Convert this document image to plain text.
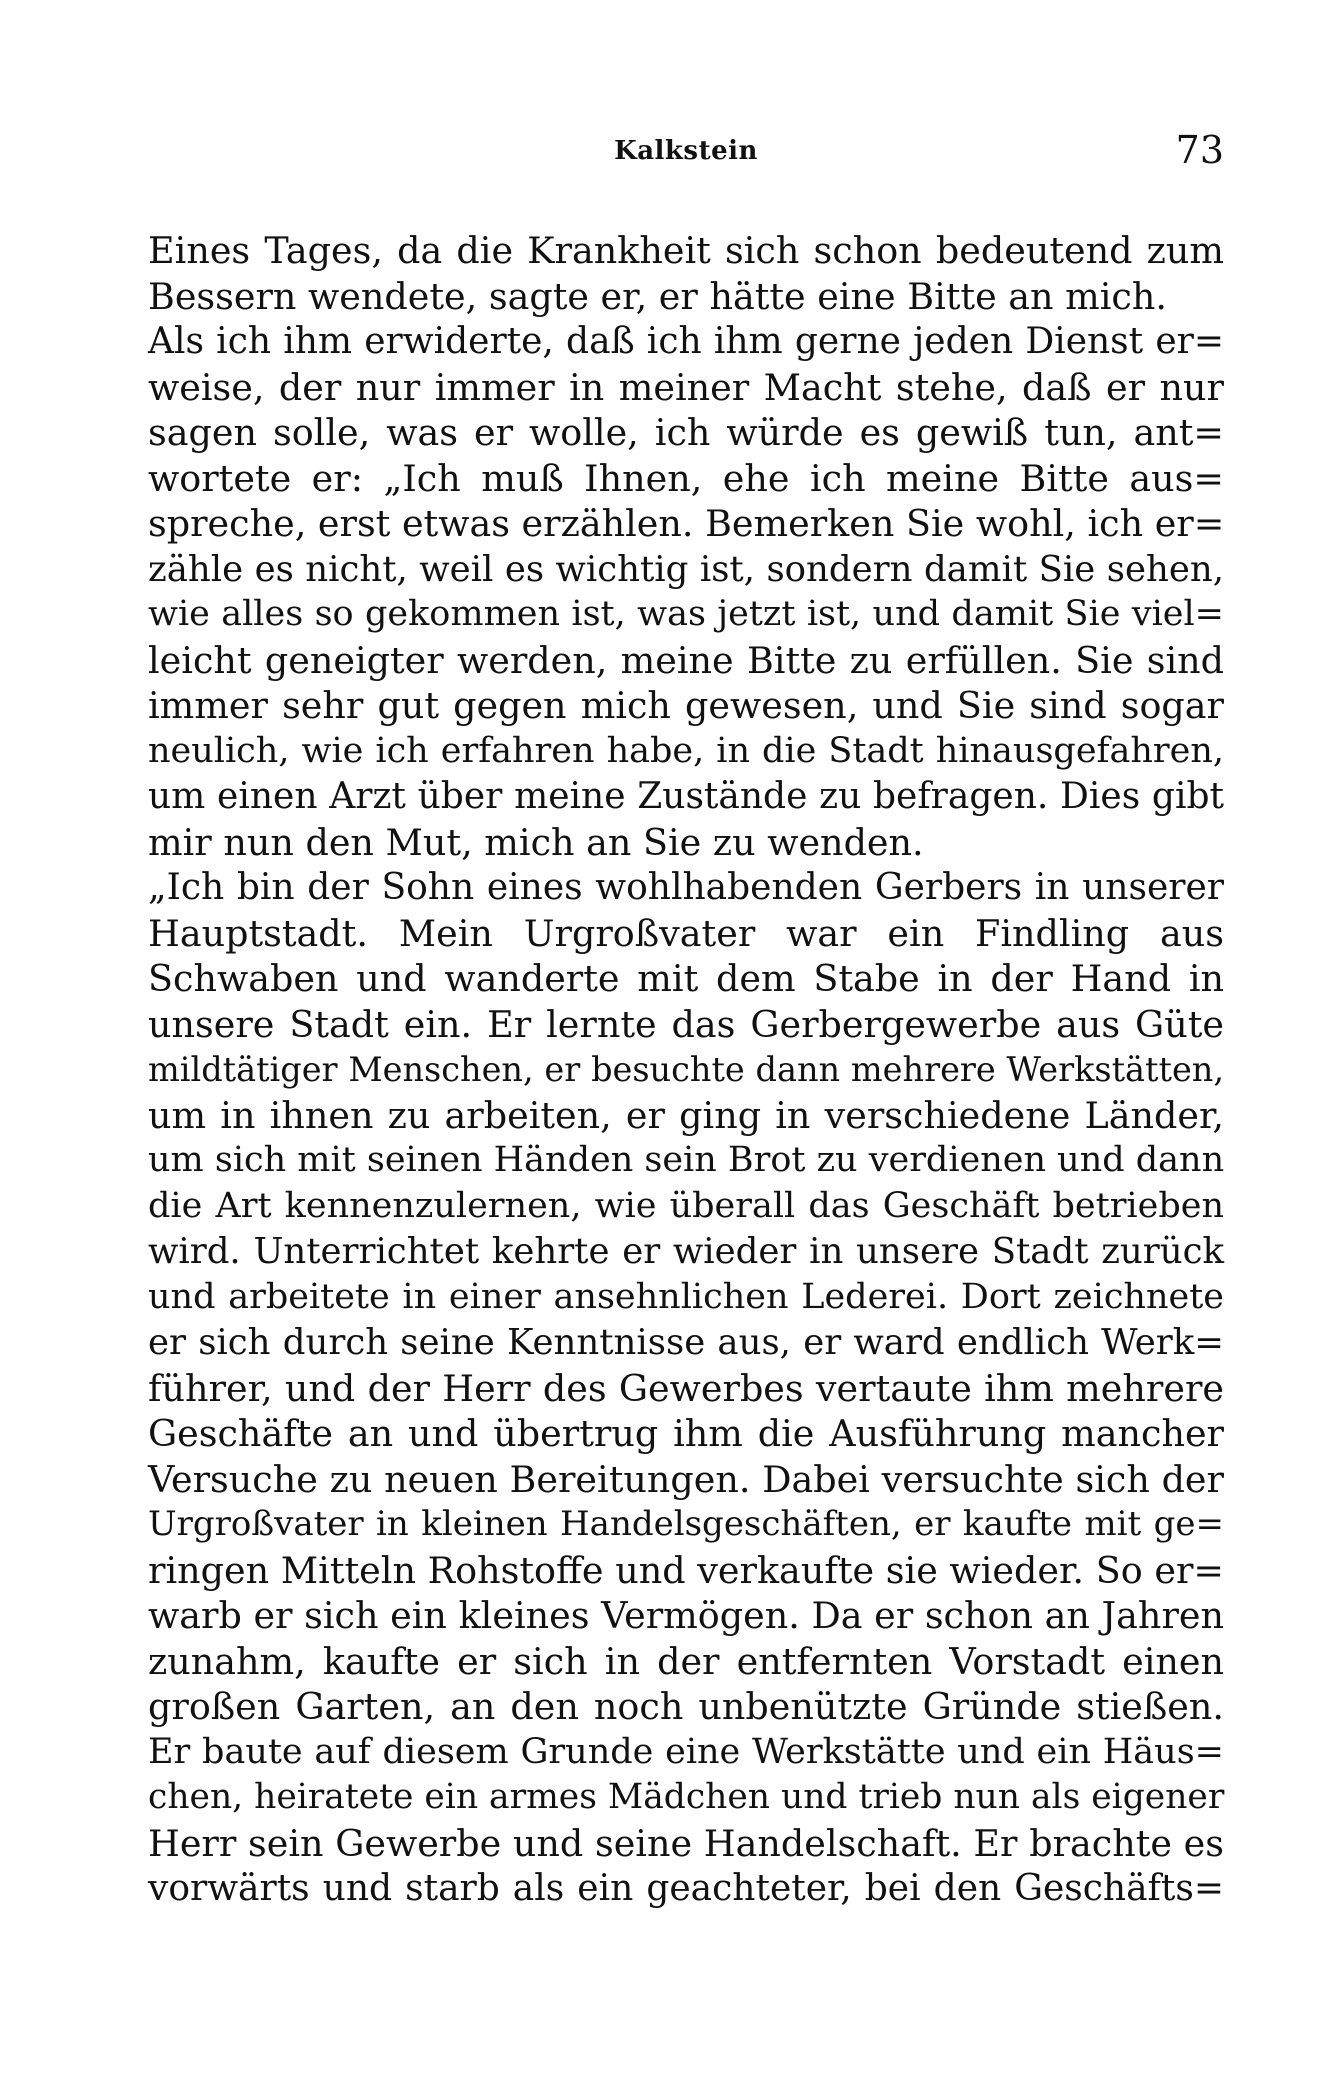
Kalkstein	73
Eines Tages, da die Krankheit sich schon bedeutend zum
Bessern wendete, sagte er, er hätte eine Bitte an mich.
Als ich ihm erwiderte, daß ich ihm gerne jeden Dienst er=
weise, der nur immer in meiner Macht stehe, daß er nur
sagen solle, was er wolle, ich würde es gewiß tun, ant=
wortete er: „Ich muß Ihnen, ehe ich meine Bitte aus=
spreche, erst etwas erzählen. Bemerken Sie wohl, ich er=
zähle es nicht, weil es wichtig ist, sondern damit Sie sehen,
wie alles so gekommen ist, was jetzt ist, und damit Sie viel=
leicht geneigter werden, meine Bitte zu erfüllen. Sie sind
immer sehr gut gegen mich gewesen, und Sie sind sogar
neulich, wie ich erfahren habe, in die Stadt hinausgefahren,
um einen Arzt über meine Zustände zu befragen. Dies gibt
mir nun den Mut, mich an Sie zu wenden.
„Ich bin der Sohn eines wohlhabenden Gerbers in unserer
Hauptstadt. Mein Urgroßvater war ein Findling aus
Schwaben und wanderte mit dem Stabe in der Hand in
unsere Stadt ein. Er lernte das Gerbergewerbe aus Güte
mildtätiger Menschen, er besuchte dann mehrere Werkstätten,
um in ihnen zu arbeiten, er ging in verschiedene Länder,
um sich mit seinen Händen sein Brot zu verdienen und dann
die Art kennenzulernen, wie überall das Geschäft betrieben
wird. Unterrichtet kehrte er wieder in unsere Stadt zurück
und arbeitete in einer ansehnlichen Lederei. Dort zeichnete
er sich durch seine Kenntnisse aus, er ward endlich Werk=
führer, und der Herr des Gewerbes vertaute ihm mehrere
Geschäfte an und übertrug ihm die Ausführung mancher
Versuche zu neuen Bereitungen. Dabei versuchte sich der
Urgroßvater in kleinen Handelsgeschäften, er kaufte mit ge=
ringen Mitteln Rohstoffe und verkaufte sie wieder. So er=
warb er sich ein kleines Vermögen. Da er schon an Jahren
zunahm, kaufte er sich in der entfernten Vorstadt einen
großen Garten, an den noch unbenützte Gründe stießen.
Er baute auf diesem Grunde eine Werkstätte und ein Häus=
chen, heiratete ein armes Mädchen und trieb nun als eigener
Herr sein Gewerbe und seine Handelschaft. Er brachte es
vorwärts und starb als ein geachteter, bei den Geschäfts=
